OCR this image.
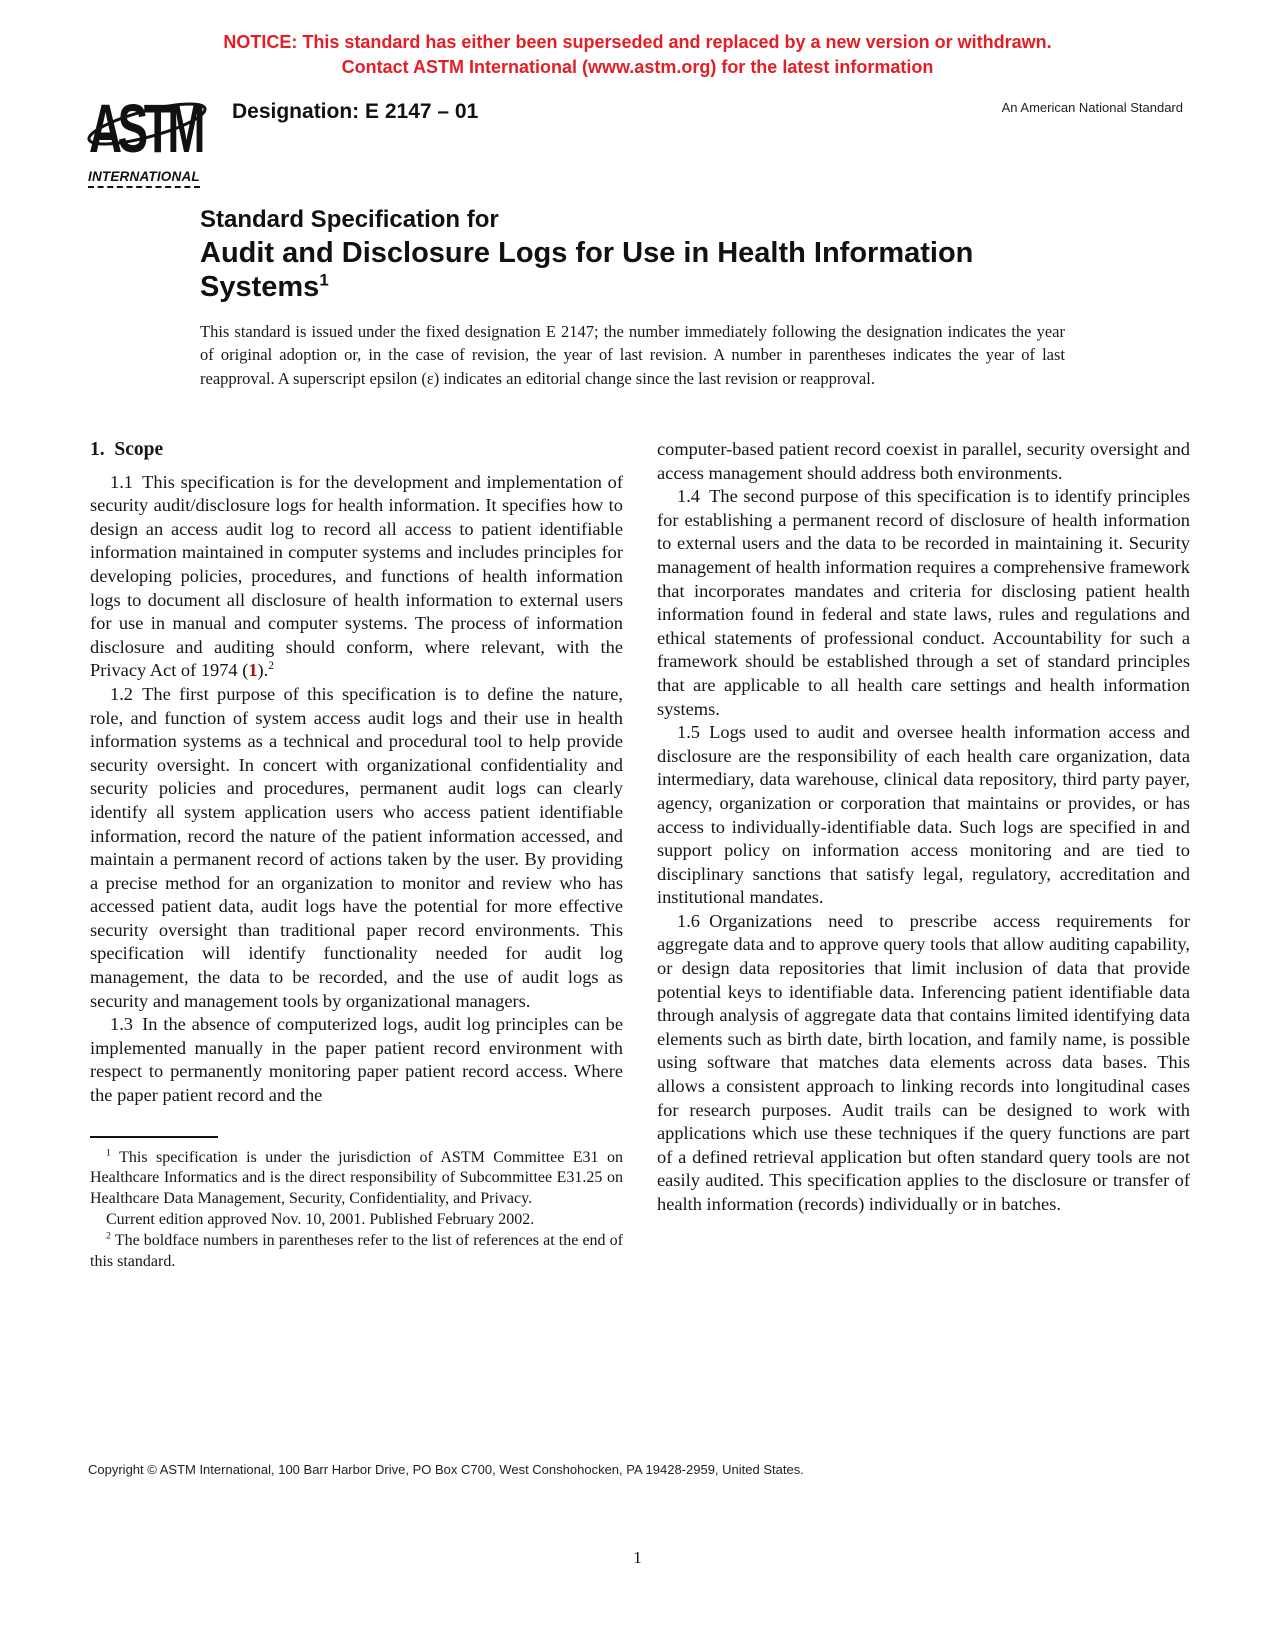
NOTICE: This standard has either been superseded and replaced by a new version or withdrawn.
Contact ASTM International (www.astm.org) for the latest information
ASTM
INTERNATIONAL
Designation: E 2147 – 01	An American National Standard
Standard Specification for
Audit and Disclosure Logs for Use in Health Information
Systems$^1$
This standard is issued under the fixed designation E 2147; the number immediately following the designation indicates the year of original adoption or, in the case of revision, the year of last revision. A number in parentheses indicates the year of last reapproval. A superscript epsilon (ε) indicates an editorial change since the last revision or reapproval.

1. Scope

1.1 This specification is for the development and implementation of security audit/disclosure logs for health information. It specifies how to design an access audit log to record all access to patient identifiable information maintained in computer systems and includes principles for developing policies, procedures, and functions of health information logs to document all disclosure of health information to external users for use in manual and computer systems. The process of information disclosure and auditing should conform, where relevant, with the Privacy Act of 1974 (1).$^2$

1.2 The first purpose of this specification is to define the nature, role, and function of system access audit logs and their use in health information systems as a technical and procedural tool to help provide security oversight. In concert with organizational confidentiality and security policies and procedures, permanent audit logs can clearly identify all system application users who access patient identifiable information, record the nature of the patient information accessed, and maintain a permanent record of actions taken by the user. By providing a precise method for an organization to monitor and review who has accessed patient data, audit logs have the potential for more effective security oversight than traditional paper record environments. This specification will identify functionality needed for audit log management, the data to be recorded, and the use of audit logs as security and management tools by organizational managers.

1.3 In the absence of computerized logs, audit log principles can be implemented manually in the paper patient record environment with respect to permanently monitoring paper patient record access. Where the paper patient record and the

$^1$ This specification is under the jurisdiction of ASTM Committee E31 on Healthcare Informatics and is the direct responsibility of Subcommittee E31.25 on Healthcare Data Management, Security, Confidentiality, and Privacy.

Current edition approved Nov. 10, 2001. Published February 2002.

$^2$ The boldface numbers in parentheses refer to the list of references at the end of this standard.

computer-based patient record coexist in parallel, security oversight and access management should address both environments.

1.4 The second purpose of this specification is to identify principles for establishing a permanent record of disclosure of health information to external users and the data to be recorded in maintaining it. Security management of health information requires a comprehensive framework that incorporates mandates and criteria for disclosing patient health information found in federal and state laws, rules and regulations and ethical statements of professional conduct. Accountability for such a framework should be established through a set of standard principles that are applicable to all health care settings and health information systems.

1.5 Logs used to audit and oversee health information access and disclosure are the responsibility of each health care organization, data intermediary, data warehouse, clinical data repository, third party payer, agency, organization or corporation that maintains or provides, or has access to individually-identifiable data. Such logs are specified in and support policy on information access monitoring and are tied to disciplinary sanctions that satisfy legal, regulatory, accreditation and institutional mandates.

1.6 Organizations need to prescribe access requirements for aggregate data and to approve query tools that allow auditing capability, or design data repositories that limit inclusion of data that provide potential keys to identifiable data. Inferencing patient identifiable data through analysis of aggregate data that contains limited identifying data elements such as birth date, birth location, and family name, is possible using software that matches data elements across data bases. This allows a consistent approach to linking records into longitudinal cases for research purposes. Audit trails can be designed to work with applications which use these techniques if the query functions are part of a defined retrieval application but often standard query tools are not easily audited. This specification applies to the disclosure or transfer of health information (records) individually or in batches.

Copyright © ASTM International, 100 Barr Harbor Drive, PO Box C700, West Conshohocken, PA 19428-2959, United States.
1
